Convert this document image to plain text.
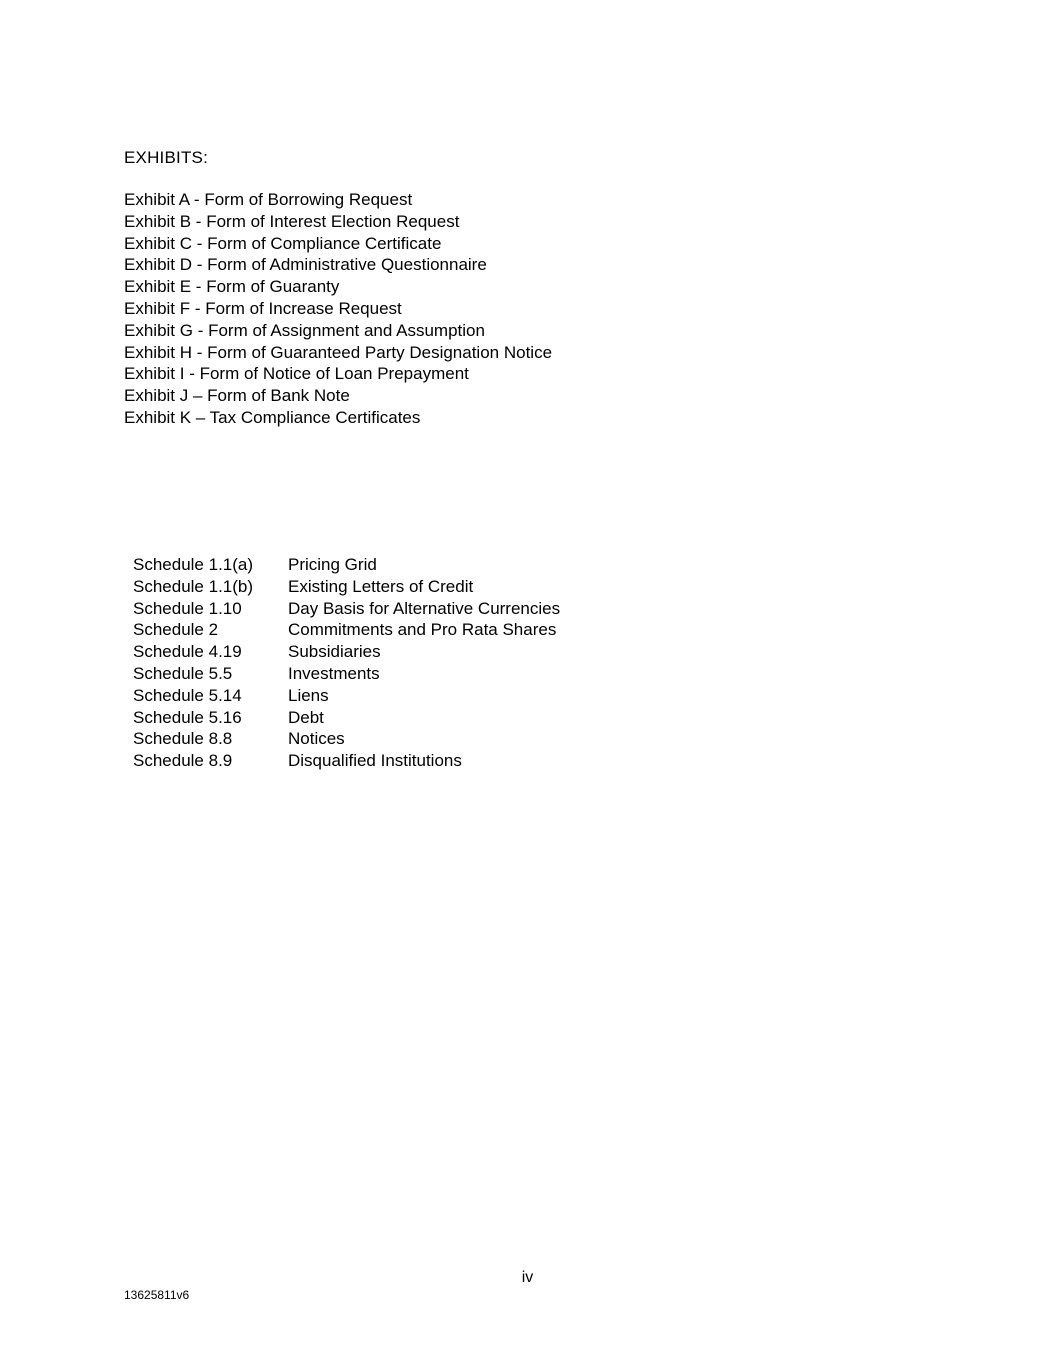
EXHIBITS:
Exhibit A - Form of Borrowing Request
Exhibit B - Form of Interest Election Request
Exhibit C - Form of Compliance Certificate
Exhibit D - Form of Administrative Questionnaire
Exhibit E - Form of Guaranty
Exhibit F - Form of Increase Request
Exhibit G - Form of Assignment and Assumption
Exhibit H - Form of Guaranteed Party Designation Notice
Exhibit I - Form of Notice of Loan Prepayment
Exhibit J – Form of Bank Note
Exhibit K – Tax Compliance Certificates
Schedule 1.1(a)	Pricing Grid
Schedule 1.1(b)	Existing Letters of Credit
Schedule 1.10	Day Basis for Alternative Currencies
Schedule 2	Commitments and Pro Rata Shares
Schedule 4.19	Subsidiaries
Schedule 5.5	Investments
Schedule 5.14	Liens
Schedule 5.16	Debt
Schedule 8.8	Notices
Schedule 8.9	Disqualified Institutions
iv
13625811v6
